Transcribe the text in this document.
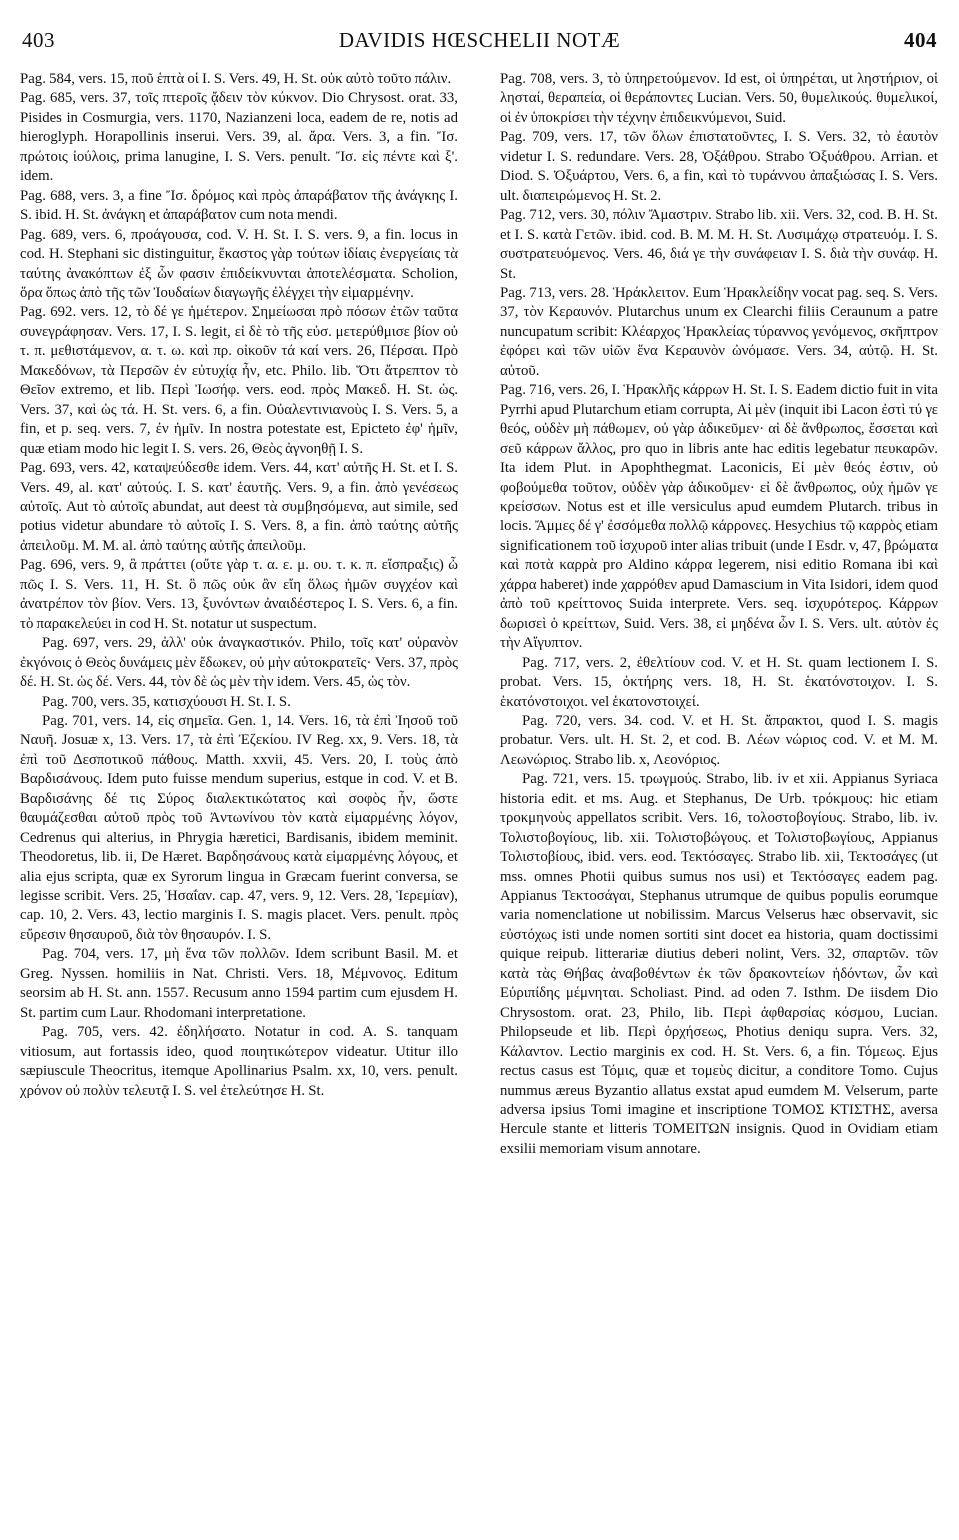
403	DAVIDIS HŒSCHELII NOTÆ	404

Pag. 584, vers. 15, ποῦ ἑπτὰ οἱ I. S. Vers. 49, H. St. οὐκ αὐτὸ τοῦτο πάλιν.

Pag. 685, vers. 37, τοῖς πτεροῖς ᾄδειν τὸν κύκνον. Dio Chrysost. orat. 33, Pisides in Cosmurgia, vers. 1170, Nazianzeni loca, eadem de re, notis ad hieroglyph. Horapollinis inserui. Vers. 39, al. ἄρα. Vers. 3, a fin. Ἴσ. πρώτοις ἰούλοις, prima lanugine, I. S. Vers. penult. Ἴσ. εἰς πέντε καὶ ξ'. idem.

Pag. 688, vers. 3, a fine Ἴσ. δρόμος καὶ πρὸς ἀπαράβατον τῆς ἀνάγκης I. S. ibid. H. St. ἀνάγκη et ἀπαράβατον cum nota mendi.

Pag. 689, vers. 6, προάγουσα, cod. V. H. St. I. S. vers. 9, a fin. locus in cod. H. Stephani sic distinguitur, ἕκαστος γὰρ τούτων ἰδίαις ἐνεργείαις τὰ ταύτης ἀνακόπτων ἐξ ὧν φασιν ἐπιδείκνυνται ἀποτελέσματα. Scholion, ὅρα ὅπως ἀπὸ τῆς τῶν Ἰουδαίων διαγωγῆς ἐλέγχει τὴν εἱμαρμένην.

Pag. 692. vers. 12, τὸ δέ γε ἡμέτερον. Σημείωσαι πρὸ πόσων ἐτῶν ταῦτα συνεγράφησαν. Vers. 17, I. S. legit, εἰ δὲ τὸ τῆς εὐσ. μετερύθμισε βίον οὐ τ. π. μεθιστάμενον, α. τ. ω. καὶ πρ. οἰκοῦν τά καί vers. 26, Πέρσαι. Πρὸ Μακεδόνων, τὰ Περσῶν ἐν εὐτυχίᾳ ἦν, etc. Philo. lib. Ὅτι ἄτρεπτον τὸ Θεῖον extremo, et lib. Περὶ Ἰωσήφ. vers. eod. πρὸς Μακεδ. H. St. ὡς. Vers. 37, καὶ ὡς τά. H. St. vers. 6, a fin. Οὐαλεντινιανοὺς I. S. Vers. 5, a fin, et p. seq. vers. 7, ἐν ἡμῖν. In nostra potestate est, Epicteto ἐφ' ἡμῖν, quæ etiam modo hic legit I. S. vers. 26, Θεὸς ἀγνοηθῇ I. S.

Pag. 693, vers. 42, καταψεύδεσθε idem. Vers. 44, κατ' αὐτῆς H. St. et I. S. Vers. 49, al. κατ' αὐτούς. I. S. κατ' ἑαυτῆς. Vers. 9, a fin. ἀπὸ γενέσεως αὐτοῖς. Aut τὸ αὐτοῖς abundat, aut deest τὰ συμβησόμενα, aut simile, sed potius videtur abundare τὸ αὐτοῖς I. S. Vers. 8, a fin. ἀπὸ ταύτης αὐτῆς ἀπειλοῦμ. M. M. al. ἀπὸ ταύτης αὐτῆς ἀπειλοῦμ.

Pag. 696, vers. 9, ἃ πράττει (οὔτε γὰρ τ. α. ε. μ. ου. τ. κ. π. εἴσπραξις) ὦ πῶς I. S. Vers. 11, H. St. ὃ πῶς οὐκ ἂν εἴη ὅλως ἡμῶν συγχέον καὶ ἀνατρέπον τὸν βίον. Vers. 13, ξυνόντων ἀναιδέστερος I. S. Vers. 6, a fin. τὸ παρακελεύει in cod H. St. notatur ut suspectum.

Pag. 697, vers. 29, ἀλλ' οὐκ ἀναγκαστικόν. Philo, τοῖς κατ' οὐρανὸν ἐκγόνοις ὁ Θεὸς δυνάμεις μὲν ἔδωκεν, οὐ μὴν αὐτοκρατεῖς· Vers. 37, πρὸς δέ. H. St. ὡς δέ. Vers. 44, τὸν δὲ ὡς μὲν τὴν idem. Vers. 45, ὡς τὸν.

Pag. 700, vers. 35, κατισχύουσι H. St. I. S.

Pag. 701, vers. 14, εἰς σημεῖα. Gen. 1, 14. Vers. 16, τὰ ἐπὶ Ἰησοῦ τοῦ Ναυῆ. Josuæ x, 13. Vers. 17, τὰ ἐπὶ Ἐζεκίου. IV Reg. xx, 9. Vers. 18, τὰ ἐπὶ τοῦ Δεσποτικοῦ πάθους. Matth. xxvii, 45. Vers. 20, I. τοὺς ἀπὸ Βαρδισάνους. Idem puto fuisse mendum superius, estque in cod. V. et B. Βαρδισάνης δέ τις Σύρος διαλεκτικώτατος καὶ σοφὸς ἦν, ὥστε θαυμάζεσθαι αὐτοῦ πρὸς τοῦ Ἀντωνίνου τὸν κατὰ εἱμαρμένης λόγον, Cedrenus qui alterius, in Phrygia hæretici, Bardisanis, ibidem meminit. Theodoretus, lib. ii, De Hæret. Βαρδησάνους κατὰ εἱμαρμένης λόγους, et alia ejus scripta, quæ ex Syrorum lingua in Græcam fuerint conversa, se legisse scribit. Vers. 25, Ἡσαΐαν. cap. 47, vers. 9, 12. Vers. 28, Ἱερεμίαν), cap. 10, 2. Vers. 43, lectio marginis I. S. magis placet. Vers. penult. πρὸς εὔρεσιν θησαυροῦ, διὰ τὸν θησαυρόν. I. S.

Pag. 704, vers. 17, μὴ ἕνα τῶν πολλῶν. Idem scribunt Basil. M. et Greg. Nyssen. homiliis in Nat. Christi. Vers. 18, Μέμνονος. Editum seorsim ab H. St. ann. 1557. Recusum anno 1594 partim cum ejusdem H. St. partim cum Laur. Rhodomani interpretatione.

Pag. 705, vers. 42. ἐδηλήσατο. Notatur in cod. A. S. tanquam vitiosum, aut fortassis ideo, quod ποιητικώτερον videatur. Utitur illo sæpiuscule Theocritus, itemque Apollinarius Psalm. xx, 10, vers. penult. χρόνον οὐ πολὺν τελευτᾷ I. S. vel ἐτελεύτησε H. St.

Pag. 708, vers. 3, τὸ ὑπηρετούμενον. Id est, οἱ ὑπηρέται, ut ληστήριον, οἱ λησταί, θεραπεία, οἱ θεράποντες Lucian. Vers. 50, θυμελικούς. θυμελικοί, οἱ ἐν ὑποκρίσει τὴν τέχνην ἐπιδεικνύμενοι, Suid.

Pag. 709, vers. 17, τῶν ὅλων ἐπιστατοῦντες, I. S. Vers. 32, τὸ ἑαυτὸν videtur I. S. redundare. Vers. 28, Ὀξάθρου. Strabo Ὀξυάθρου. Arrian. et Diod. S. Ὀξυάρτου, Vers. 6, a fin, καὶ τὸ τυράννου ἀπαξιώσας I. S. Vers. ult. διαπειρώμενος H. St. 2.

Pag. 712, vers. 30, πόλιν Ἄμαστριν. Strabo lib. xii. Vers. 32, cod. B. H. St. et I. S. κατὰ Γετῶν. ibid. cod. B. M. M. H. St. Λυσιμάχῳ στρατευόμ. I. S. συστρατευόμενος. Vers. 46, διά γε τὴν συνάφειαν I. S. διὰ τὴν συνάφ. H. St.

Pag. 713, vers. 28. Ἡράκλειτον. Eum Ἡρακλείδην vocat pag. seq. S. Vers. 37, τὸν Κεραυνόν. Plutarchus unum ex Clearchi filiis Ceraunum a patre nuncupatum scribit: Κλέαρχος Ἡρακλείας τύραννος γενόμενος, σκῆπτρον ἐφόρει καὶ τῶν υἱῶν ἕνα Κεραυνὸν ὠνόμασε. Vers. 34, αὐτῷ. H. St. αὐτοῦ.

Pag. 716, vers. 26, I. Ἡρακλῆς κάρρων H. St. I. S. Eadem dictio fuit in vita Pyrrhi apud Plutarchum etiam corrupta, Αἱ μὲν (inquit ibi Lacon ἐστὶ τύ γε θεός, οὐδὲν μὴ πάθωμεν, οὐ γὰρ ἀδικεῦμεν· αἱ δὲ ἄνθρωπος, ἔσσεται καὶ σεῦ κάρρων ἄλλος, pro quo in libris ante hac editis legebatur πευκαρῶν. Ita idem Plut. in Apophthegmat. Laconicis, Εἰ μὲν θεός ἐστιν, οὐ φοβούμεθα τοῦτον, οὐδὲν γὰρ ἀδικοῦμεν· εἰ δὲ ἄνθρωπος, οὐχ ἡμῶν γε κρείσσων. Notus est et ille versiculus apud eumdem Plutarch. tribus in locis. Ἄμμες δέ γ' ἐσσόμεθα πολλῷ κάρρονες. Hesychius τῷ καρρὸς etiam significationem τοῦ ἰσχυροῦ inter alias tribuit (unde I Esdr. v, 47, βρώματα καὶ ποτὰ καρρὰ pro Aldino κάρρα legerem, nisi editio Romana ibi καὶ χάρρα haberet) inde χαρρόθεν apud Damascium in Vita Isidori, idem quod ἀπὸ τοῦ κρείττονος Suida interprete. Vers. seq. ἰσχυρότερος. Κάρρων δωρισεὶ ὁ κρείττων, Suid. Vers. 38, εἰ μηδένα ὧν I. S. Vers. ult. αὐτὸν ἐς τὴν Αἴγυπτον.

Pag. 717, vers. 2, ἐθελτίουν cod. V. et H. St. quam lectionem I. S. probat. Vers. 15, ὀκτήρης vers. 18, H. St. ἑκατόνστοιχον. I. S. ἑκατόνστοιχοι. vel ἑκατονστοιχεί.

Pag. 720, vers. 34. cod. V. et H. St. ἄπρακτοι, quod I. S. magis probatur. Vers. ult. H. St. 2, et cod. B. Λέων νώριος cod. V. et M. M. Λεωνώριος. Strabo lib. x, Λεονόριος.

Pag. 721, vers. 15. τρωγμούς. Strabo, lib. iv et xii. Appianus Syriaca historia edit. et ms. Aug. et Stephanus, De Urb. τρόκμους: hic etiam τροκμηνοὺς appellatos scribit. Vers. 16, τολοστοβογίους. Strabo, lib. iv. Τολιστοβογίους, lib. xii. Τολιστοβώγους. et Τολιστοβωγίους, Appianus Τολιστοβίους, ibid. vers. eod. Τεκτόσαγες. Strabo lib. xii, Τεκτοσάγες (ut mss. omnes Photii quibus sumus nos usi) et Τεκτόσαγες eadem pag. Appianus Τεκτοσάγαι, Stephanus utrumque de quibus populis eorumque varia nomenclatione ut nobilissim. Marcus Velserus hæc observavit, sic εὐστόχως isti unde nomen sortiti sint docet ea historia, quam doctissimi quique reipub. litterariæ diutius deberi nolint, Vers. 32, σπαρτῶν. τῶν κατὰ τὰς Θήβας ἀναβοθέντων ἐκ τῶν δρακοντείων ἡδόντων, ὧν καὶ Εὐριπίδης μέμνηται. Scholiast. Pind. ad oden 7. Isthm. De iisdem Dio Chrysostom. orat. 23, Philo, lib. Περὶ ἀφθαρσίας κόσμου, Lucian. Philopseude et lib. Περὶ ὀρχήσεως, Photius deniqu supra. Vers. 32, Κάλαντον. Lectio marginis ex cod. H. St. Vers. 6, a fin. Τόμεως. Ejus rectus casus est Τόμις, quæ et τομεὺς dicitur, a conditore Tomo. Cujus nummus æreus Byzantio allatus exstat apud eumdem M. Velserum, parte adversa ipsius Tomi imagine et inscriptione ΤΟΜΟΣ ΚΤΙΣΤΗΣ, aversa Hercule stante et litteris ΤΟΜΕΙΤΩΝ insignis. Quod in Ovidiam etiam exsilii memoriam visum annotare.
